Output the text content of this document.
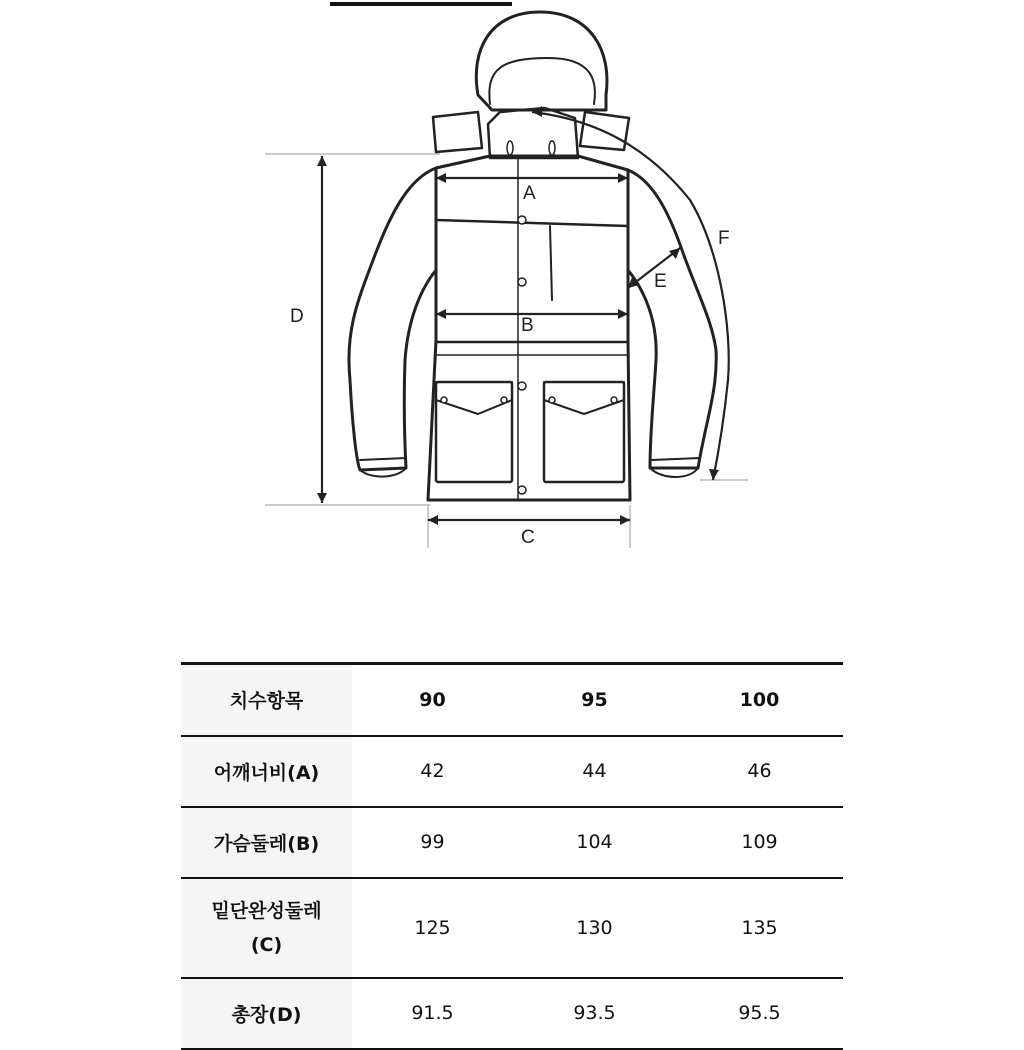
A
B
C
D
E
F
치수항목	90	95	100
어깨너비(A)	42	44	46
가슴둘레(B)	99	104	109

밑단완성둘레
(C)	125	130	135
총장(D)	91.5	93.5	95.5
